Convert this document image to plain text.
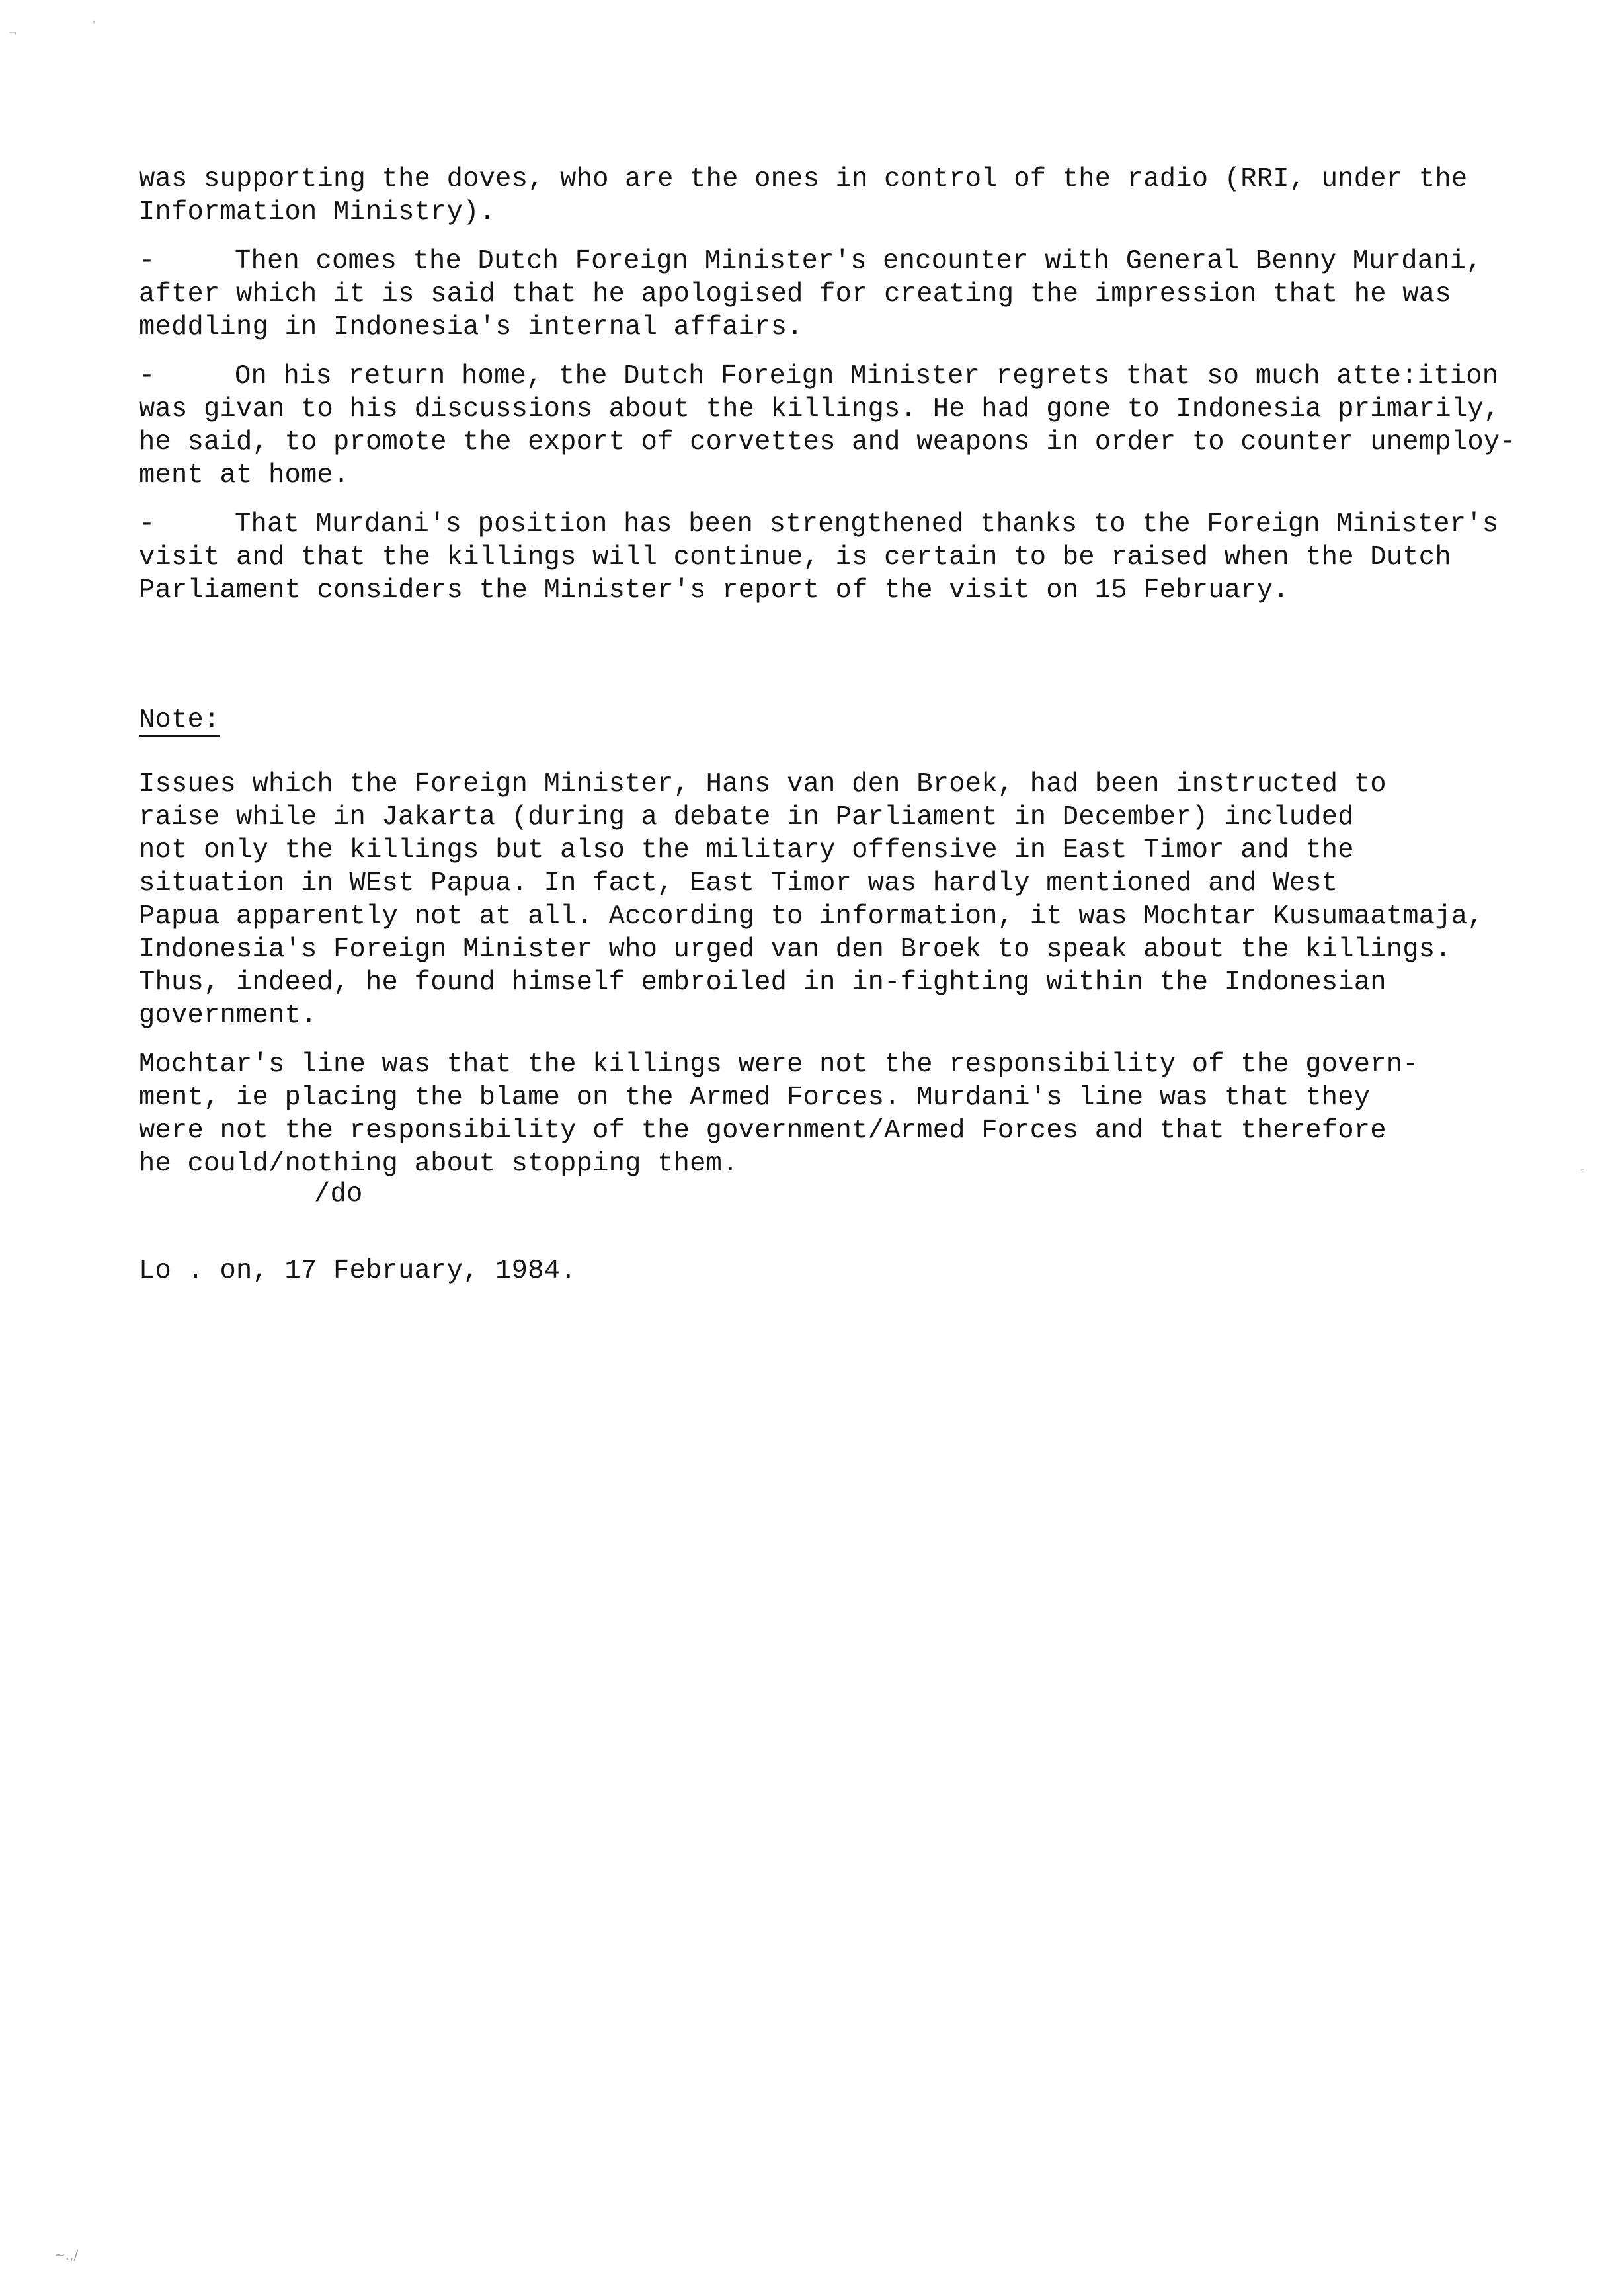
was supporting the doves, who are the ones in control of the radio (RRI, under the
Information Ministry).
-	Then comes the Dutch Foreign Minister's encounter with General Benny Murdani,
after which it is said that he apologised for creating the impression that he was
meddling in Indonesia's internal affairs.
-	On his return home, the Dutch Foreign Minister regrets that so much atte:ition
was givan to his discussions about the killings. He had gone to Indonesia primarily,
he said, to promote the export of corvettes and weapons in order to counter unemploy-
ment at home.
-	That Murdani's position has been strengthened thanks to the Foreign Minister's
visit and that the killings will continue, is certain to be raised when the Dutch
Parliament considers the Minister's report of the visit on 15 February.
Note:
Issues which the Foreign Minister, Hans van den Broek, had been instructed to
raise while in Jakarta (during a debate in Parliament in December) included
not only the killings but also the military offensive in East Timor and the
situation in WEst Papua. In fact, East Timor was hardly mentioned and West
Papua apparently not at all. According to information, it was Mochtar Kusumaatmaja,
Indonesia's Foreign Minister who urged van den Broek to speak about the killings.
Thus, indeed, he found himself embroiled in in-fighting within the Indonesian
government.
Mochtar's line was that the killings were not the responsibility of the govern-
ment, ie placing the blame on the Armed Forces. Murdani's line was that they
were not the responsibility of the government/Armed Forces and that therefore
he could/nothing about stopping them.
/do
Lo . on, 17 February, 1984.
¬
'
-
~.,/
